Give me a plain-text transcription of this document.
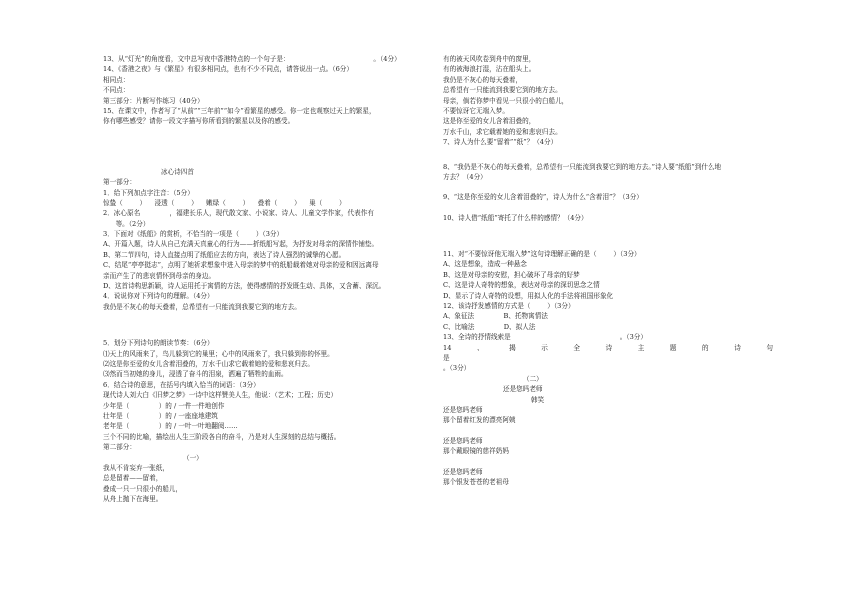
13、从“灯光”的角度看，文中总写夜中香港特点的一个句子是：                                        。（4分）
14、《香港之夜》与《繁星》有很多相同点，也有不少不同点，请答说出一点。（6分）
相同点：
不同点：
第三部分：片断写作练习（40分）
15、在课文中，作者写了“从前”“三年前”“如今”看繁星的感受。你一定也观察过天上的繁星，
你有哪些感受？请你一段文字描写你所看到的繁星以及你的感受。
冰心诗四首
第一部分：
1．给下列加点字注音：（5分）
惊蛰（        ）    浸透（        ）    嫩绿（        ）    叠着（        ）    巢（        ）
2．冰心原名              ，福建长乐人，现代散文家、小说家、诗人、儿童文学作家，代表作有
等。（2分）
3．下面对《纸船》的赏析，不恰当的一项是（        ）（3分）
A、开篇入题，诗人从自己充满天真童心的行为——折纸船写起，为抒发对母亲的深情作铺垫。
B、第二节四句，诗人直接点明了纸船应去的方向，表达了诗人强烈的诚挚的心愿。
C、结尾“亭亭挺志”，点明了她祈求想象中进入母亲的梦中的纸船载着她对母亲的爱和因远离母
亲而产生了的悲哀情怀到母亲的身边。
D、这首诗构思新颖，诗人运用托于寓情的方法，使得感情的抒发既生动、具体，又含蓄、深沉。
4．说说你对下列诗句的理解。（4分）
我仍是不灰心的每天叠着，总希望有一只能流到我要它到的地方去。
5．划分下列诗句的朗读节奏：（6分）
⑴天上的风雨来了，鸟儿躲到它的巢里；心中的风雨来了，我只躲到你的怀里。
⑵这是你至爱的女儿含着泪叠的，万水千山求它载着她的爱和悲哀归去。
⑶然而当初她的身儿，浸透了奋斗的泪泉，洒遍了牺牲的血雨。
6．结合诗的意思，在括号内填入恰当的词语：（3分）
现代诗人刘大白《旧梦之梦》一诗中这样赞美人生，他说：（艺术；工程；历史）
少年是（              ）的 / 一件一件地创作
壮年是（              ）的 / 一座座地建筑
老年是（              ）的 / 一叶一叶地翻阅……
三个不同的比喻，描绘出人生三阶段各自的奋斗，乃是对人生深刻的总结与概括。
第二部分：
（一）
我从不肯妄弃一张纸，
总是留着——留着，
叠成一只一只很小的船儿，
从舟上抛下在海里。
有的被天风吹卷到舟中的窗里，
有的被海浪打湿，沾在船头上。
我仍是不灰心的每天叠着，
总希望有一只能流到我要它到的地方去。
母亲，倘若你梦中看见一只很小的白船儿，
不要惊讶它无端入梦。
这是你至爱的女儿含着泪叠的，
万水千山，求它载着她的爱和悲哀归去。
7、诗人为什么要“留着”“纸”？（4分）
8、“我仍是不灰心的每天叠着，总希望有一只能流到我要它到的地方去。”诗人要“纸船”到什么地
方去？（4分）
9、“这是你至爱的女儿含着泪叠的”，诗人为什么“含着泪”？（3分）
10、诗人借“纸船”寄托了什么样的感情？（4分）
11、对“不要惊讶他无端入梦”这句诗理解正确的是（        ）（3分）
A、这是想象，造成一种悬念
B、这是对母亲的安慰，担心破坏了母亲的好梦
C、这是诗人奇特的想象，表达对母亲的深切思念之情
D、显示了诗人奇特的设想，用拟人化的手法将祖国形象化
12、该诗抒发感情的方式是（        ）（3分）
A、象征法              B、托物寓情法
C、比喻法              D、拟人法
13、全诗的抒情线索是                                                    。（3分）
14	、	揭	示	全	诗	主	题	的	诗	句
是
。（3分）
（二）
还是您吗老师
韩笑
还是您吗老师
那个留着红发的漂亮阿姨
还是您吗老师
那个戴眼镜的慈祥奶妈
还是您吗老师
那个银发苍苍的老祖母
